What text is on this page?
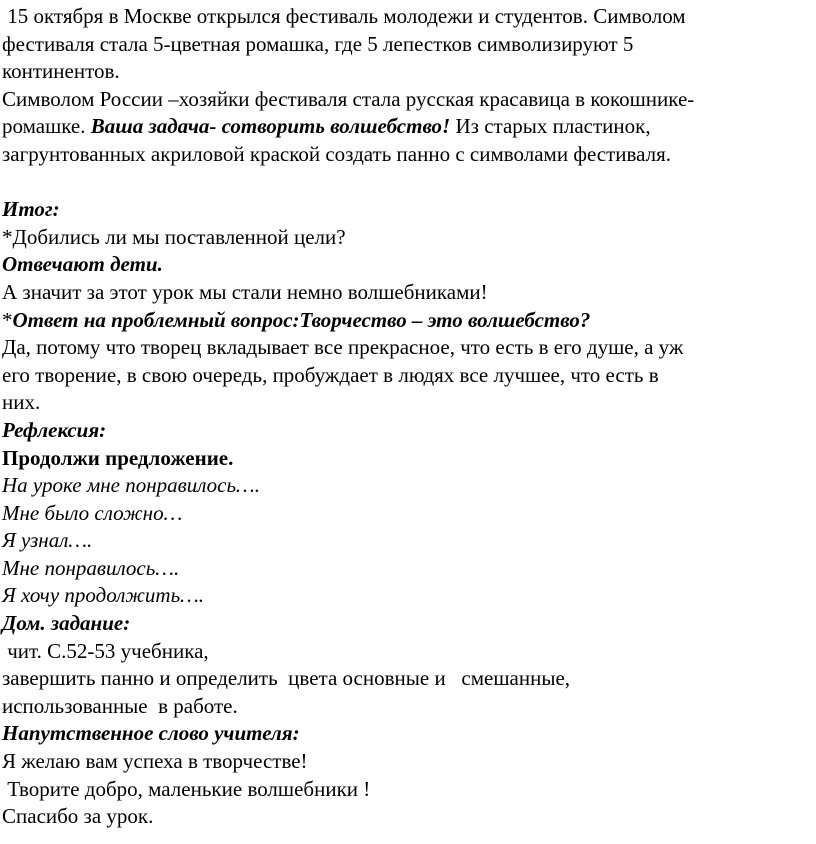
15 октября в Москве открылся фестиваль молодежи и студентов. Символом
фестиваля стала 5-цветная ромашка, где 5 лепестков символизируют 5
континентов.
Символом России –хозяйки фестиваля стала русская красавица в кокошнике-
ромашке. Ваша задача- сотворить волшебство! Из старых пластинок,
загрунтованных акриловой краской создать панно с символами фестиваля.
Итог:
*Добились ли мы поставленной цели?
Отвечают дети.
А значит за этот урок мы стали немно волшебниками!
*Ответ на проблемный вопрос:Творчество – это волшебство?
Да, потому что творец вкладывает все прекрасное, что есть в его душе, а уж
его творение, в свою очередь, пробуждает в людях все лучшее, что есть в
них.
Рефлексия:
Продолжи предложение.
На уроке мне понравилось….
Мне было сложно…
Я узнал….
Мне понравилось….
Я хочу продолжить….
Дом. задание:
чит. С.52-53 учебника,
завершить панно и определить  цвета основные и   смешанные,
использованные  в работе.
Напутственное слово учителя:
Я желаю вам успеха в творчестве!
Творите добро, маленькие волшебники !
Спасибо за урок.
